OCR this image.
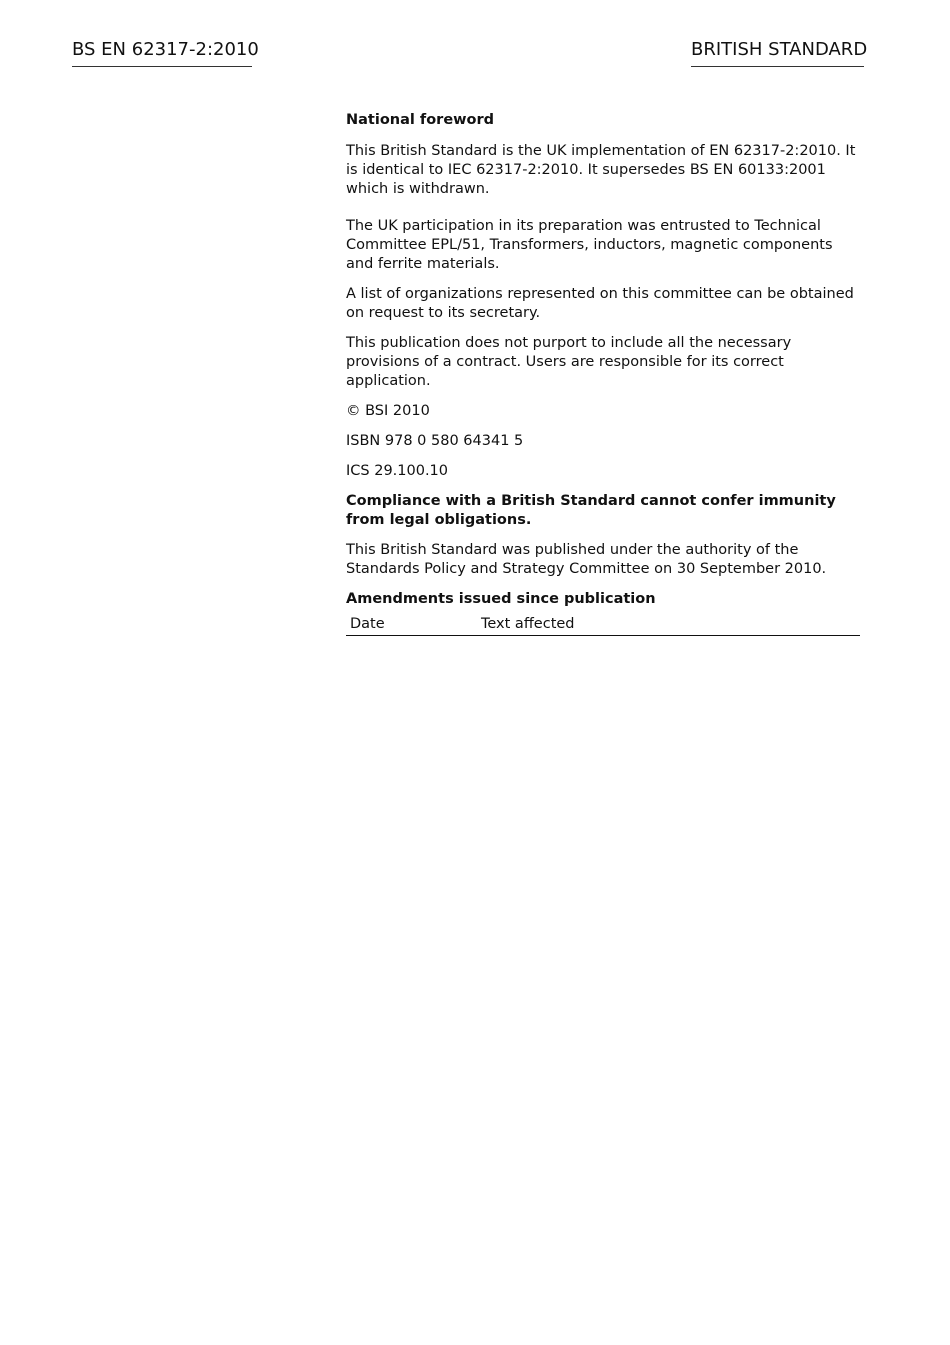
BS EN 62317-2:2010	BRITISH STANDARD

National foreword

This British Standard is the UK implementation of EN 62317-2:2010. It is identical to IEC 62317-2:2010. It supersedes BS EN 60133:2001 which is withdrawn.

The UK participation in its preparation was entrusted to Technical Committee EPL/51, Transformers, inductors, magnetic components and ferrite materials.

A list of organizations represented on this committee can be obtained on request to its secretary.

This publication does not purport to include all the necessary provisions of a contract. Users are responsible for its correct application.

© BSI 2010

ISBN 978 0 580 64341 5

ICS 29.100.10

Compliance with a British Standard cannot confer immunity from legal obligations.

This British Standard was published under the authority of the Standards Policy and Strategy Committee on 30 September 2010.

Amendments issued since publication

Date	Text affected
